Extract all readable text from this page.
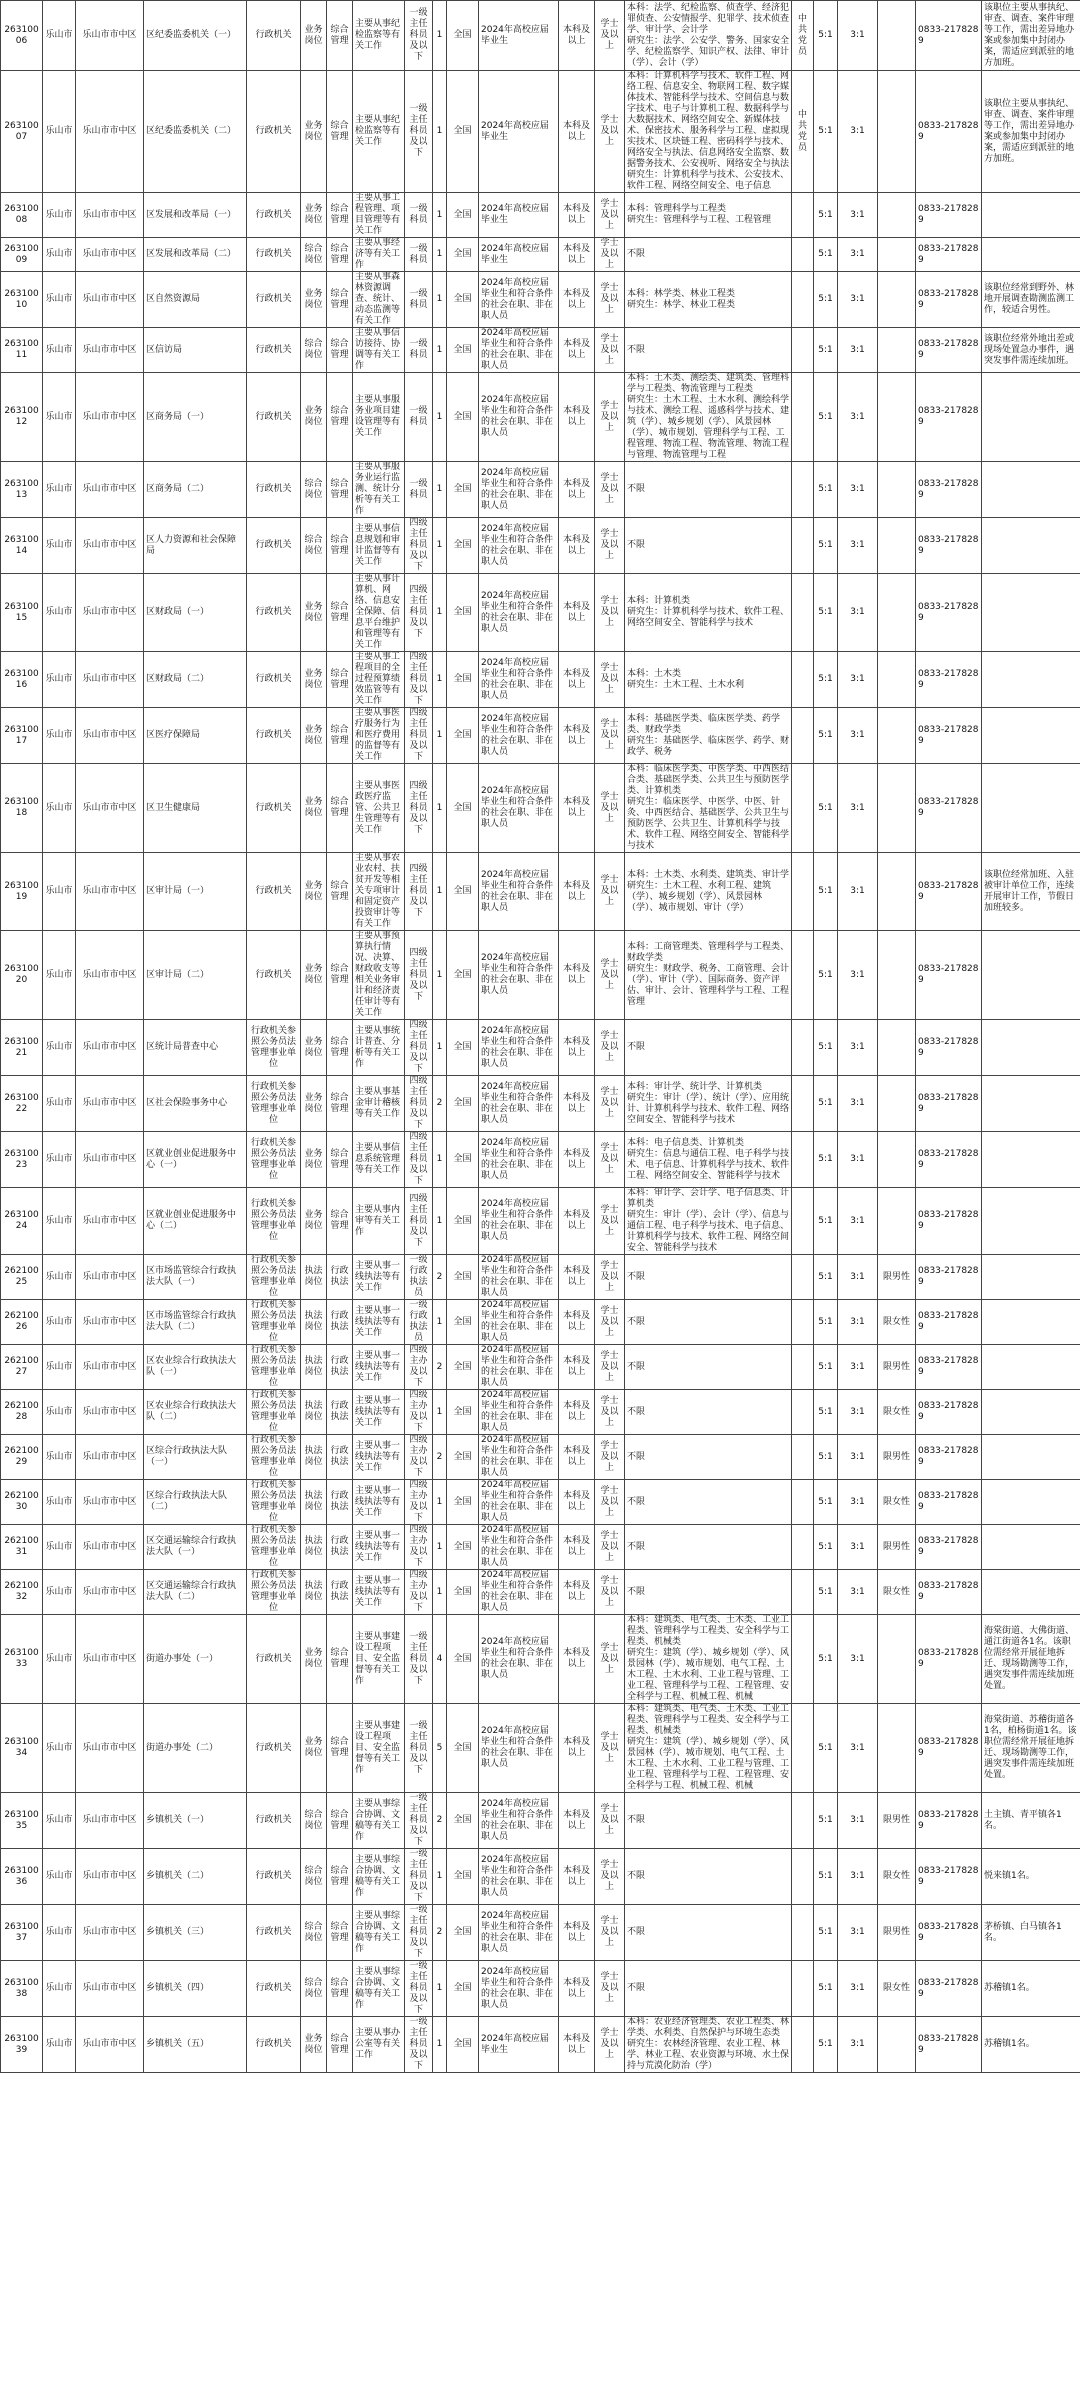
26310006	乐山市	乐山市市中区	区纪委监委机关（一）	行政机关	业务岗位	综合管理	主要从事纪检监察等有关工作	一级主任科员及以下	1	全国	2024年高校应届毕业生	本科及以上	学士及以上	本科：法学、纪检监察、侦查学、经济犯罪侦查、公安情报学、犯罪学、技术侦查学、审计学、会计学
研究生：法学、公安学、警务、国家安全学、纪检监察学、知识产权、法律、审计（学）、会计（学）	中共党员	5:1	3:1		0833-2178289	该职位主要从事执纪、审查、调查、案件审理等工作，需出差异地办案或参加集中封闭办案，需适应到派驻的地方加班。
26310007	乐山市	乐山市市中区	区纪委监委机关（二）	行政机关	业务岗位	综合管理	主要从事纪检监察等有关工作	一级主任科员及以下	1	全国	2024年高校应届毕业生	本科及以上	学士及以上	本科：计算机科学与技术、软件工程、网络工程、信息安全、物联网工程、数字媒体技术、智能科学与技术、空间信息与数字技术、电子与计算机工程、数据科学与大数据技术、网络空间安全、新媒体技术、保密技术、服务科学与工程、虚拟现实技术、区块链工程、密码科学与技术、网络安全与执法、信息网络安全监察、数据警务技术、公安视听、网络安全与执法
研究生：计算机科学与技术、公安技术、软件工程、网络空间安全、电子信息	中共党员	5:1	3:1		0833-2178289	该职位主要从事执纪、审查、调查、案件审理等工作，需出差异地办案或参加集中封闭办案，需适应到派驻的地方加班。
26310008	乐山市	乐山市市中区	区发展和改革局（一）	行政机关	业务岗位	综合管理	主要从事工程管理、项目管理等有关工作	一级科员	1	全国	2024年高校应届毕业生	本科及以上	学士及以上	本科：管理科学与工程类
研究生：管理科学与工程、工程管理		5:1	3:1		0833-2178289	
26310009	乐山市	乐山市市中区	区发展和改革局（二）	行政机关	综合岗位	综合管理	主要从事经济等有关工作	一级科员	1	全国	2024年高校应届毕业生	本科及以上	学士及以上	不限		5:1	3:1		0833-2178289	
26310010	乐山市	乐山市市中区	区自然资源局	行政机关	业务岗位	综合管理	主要从事森林资源调查、统计、动态监测等有关工作	一级科员	1	全国	2024年高校应届毕业生和符合条件的社会在职、非在职人员	本科及以上	学士及以上	本科：林学类、林业工程类
研究生：林学、林业工程类		5:1	3:1		0833-2178289	该职位经常到野外、林地开展调查勘测监测工作，较适合男性。
26310011	乐山市	乐山市市中区	区信访局	行政机关	综合岗位	综合管理	主要从事信访接待、协调等有关工作	一级科员	1	全国	2024年高校应届毕业生和符合条件的社会在职、非在职人员	本科及以上	学士及以上	不限		5:1	3:1		0833-2178289	该职位经常外地出差或现场处置急办事件，遇突发事件需连续加班。
26310012	乐山市	乐山市市中区	区商务局（一）	行政机关	业务岗位	综合管理	主要从事服务业项目建设管理等有关工作	一级科员	1	全国	2024年高校应届毕业生和符合条件的社会在职、非在职人员	本科及以上	学士及以上	本科：土木类、测绘类、建筑类、管理科学与工程类、物流管理与工程类
研究生：土木工程、土木水利、测绘科学与技术、测绘工程、遥感科学与技术、建筑（学）、城乡规划（学）、风景园林（学）、城市规划、管理科学与工程、工程管理、物流工程、物流管理、物流工程与管理、物流管理与工程		5:1	3:1		0833-2178289	
26310013	乐山市	乐山市市中区	区商务局（二）	行政机关	综合岗位	综合管理	主要从事服务业运行监测、统计分析等有关工作	一级科员	1	全国	2024年高校应届毕业生和符合条件的社会在职、非在职人员	本科及以上	学士及以上	不限		5:1	3:1		0833-2178289	
26310014	乐山市	乐山市市中区	区人力资源和社会保障局	行政机关	综合岗位	综合管理	主要从事信息规划和审计监督等有关工作	四级主任科员及以下	1	全国	2024年高校应届毕业生和符合条件的社会在职、非在职人员	本科及以上	学士及以上	不限		5:1	3:1		0833-2178289	
26310015	乐山市	乐山市市中区	区财政局（一）	行政机关	业务岗位	综合管理	主要从事计算机、网络、信息安全保障、信息平台维护和管理等有关工作	四级主任科员及以下	1	全国	2024年高校应届毕业生和符合条件的社会在职、非在职人员	本科及以上	学士及以上	本科：计算机类
研究生：计算机科学与技术、软件工程、网络空间安全、智能科学与技术		5:1	3:1		0833-2178289	
26310016	乐山市	乐山市市中区	区财政局（二）	行政机关	业务岗位	综合管理	主要从事工程项目的全过程预算绩效监管等有关工作	四级主任科员及以下	1	全国	2024年高校应届毕业生和符合条件的社会在职、非在职人员	本科及以上	学士及以上	本科：土木类
研究生：土木工程、土木水利		5:1	3:1		0833-2178289	
26310017	乐山市	乐山市市中区	区医疗保障局	行政机关	业务岗位	综合管理	主要从事医疗服务行为和医疗费用的监督等有关工作	四级主任科员及以下	1	全国	2024年高校应届毕业生和符合条件的社会在职、非在职人员	本科及以上	学士及以上	本科：基础医学类、临床医学类、药学类、财政学类
研究生：基础医学、临床医学、药学、财政学、税务		5:1	3:1		0833-2178289	
26310018	乐山市	乐山市市中区	区卫生健康局	行政机关	业务岗位	综合管理	主要从事医政医疗监管、公共卫生管理等有关工作	四级主任科员及以下	1	全国	2024年高校应届毕业生和符合条件的社会在职、非在职人员	本科及以上	学士及以上	本科：临床医学类、中医学类、中西医结合类、基础医学类、公共卫生与预防医学类、计算机类
研究生：临床医学、中医学、中医、针灸、中西医结合、基础医学、公共卫生与预防医学、公共卫生、计算机科学与技术、软件工程、网络空间安全、智能科学与技术		5:1	3:1		0833-2178289	
26310019	乐山市	乐山市市中区	区审计局（一）	行政机关	业务岗位	综合管理	主要从事农业农村、扶贫开发等相关专项审计和固定资产投资审计等有关工作	四级主任科员及以下	1	全国	2024年高校应届毕业生和符合条件的社会在职、非在职人员	本科及以上	学士及以上	本科：土木类、水利类、建筑类、审计学
研究生：土木工程、水利工程、建筑（学）、城乡规划（学）、风景园林（学）、城市规划、审计（学）		5:1	3:1		0833-2178289	该职位经常加班、入驻被审计单位工作，连续开展审计工作，节假日加班较多。
26310020	乐山市	乐山市市中区	区审计局（二）	行政机关	业务岗位	综合管理	主要从事预算执行情况、决算、财政收支等相关业务审计和经济责任审计等有关工作	四级主任科员及以下	1	全国	2024年高校应届毕业生和符合条件的社会在职、非在职人员	本科及以上	学士及以上	本科：工商管理类、管理科学与工程类、财政学类
研究生：财政学、税务、工商管理、会计（学）、审计（学）、国际商务、资产评估、审计、会计、管理科学与工程、工程管理		5:1	3:1		0833-2178289	
26310021	乐山市	乐山市市中区	区统计局普查中心	行政机关参照公务员法管理事业单位	业务岗位	综合管理	主要从事统计普查、分析等有关工作	四级主任科员及以下	1	全国	2024年高校应届毕业生和符合条件的社会在职、非在职人员	本科及以上	学士及以上	不限		5:1	3:1		0833-2178289	
26310022	乐山市	乐山市市中区	区社会保险事务中心	行政机关参照公务员法管理事业单位	业务岗位	综合管理	主要从事基金审计稽核等有关工作	四级主任科员及以下	2	全国	2024年高校应届毕业生和符合条件的社会在职、非在职人员	本科及以上	学士及以上	本科：审计学、统计学、计算机类
研究生：审计（学）、统计（学）、应用统计、计算机科学与技术、软件工程、网络空间安全、智能科学与技术		5:1	3:1		0833-2178289	
26310023	乐山市	乐山市市中区	区就业创业促进服务中心（一）	行政机关参照公务员法管理事业单位	业务岗位	综合管理	主要从事信息系统管理等有关工作	四级主任科员及以下	1	全国	2024年高校应届毕业生和符合条件的社会在职、非在职人员	本科及以上	学士及以上	本科：电子信息类、计算机类
研究生：信息与通信工程、电子科学与技术、电子信息、计算机科学与技术、软件工程、网络空间安全、智能科学与技术		5:1	3:1		0833-2178289	
26310024	乐山市	乐山市市中区	区就业创业促进服务中心（二）	行政机关参照公务员法管理事业单位	业务岗位	综合管理	主要从事内审等有关工作	四级主任科员及以下	1	全国	2024年高校应届毕业生和符合条件的社会在职、非在职人员	本科及以上	学士及以上	本科：审计学、会计学、电子信息类、计算机类
研究生：审计（学）、会计（学）、信息与通信工程、电子科学与技术、电子信息、计算机科学与技术、软件工程、网络空间安全、智能科学与技术		5:1	3:1		0833-2178289	
26210025	乐山市	乐山市市中区	区市场监管综合行政执法大队（一）	行政机关参照公务员法管理事业单位	执法岗位	行政执法	主要从事一线执法等有关工作	一级行政执法员	2	全国	2024年高校应届毕业生和符合条件的社会在职、非在职人员	本科及以上	学士及以上	不限		5:1	3:1	限男性	0833-2178289	
26210026	乐山市	乐山市市中区	区市场监管综合行政执法大队（二）	行政机关参照公务员法管理事业单位	执法岗位	行政执法	主要从事一线执法等有关工作	一级行政执法员	1	全国	2024年高校应届毕业生和符合条件的社会在职、非在职人员	本科及以上	学士及以上	不限		5:1	3:1	限女性	0833-2178289	
26210027	乐山市	乐山市市中区	区农业综合行政执法大队（一）	行政机关参照公务员法管理事业单位	执法岗位	行政执法	主要从事一线执法等有关工作	四级主办及以下	2	全国	2024年高校应届毕业生和符合条件的社会在职、非在职人员	本科及以上	学士及以上	不限		5:1	3:1	限男性	0833-2178289	
26210028	乐山市	乐山市市中区	区农业综合行政执法大队（二）	行政机关参照公务员法管理事业单位	执法岗位	行政执法	主要从事一线执法等有关工作	四级主办及以下	1	全国	2024年高校应届毕业生和符合条件的社会在职、非在职人员	本科及以上	学士及以上	不限		5:1	3:1	限女性	0833-2178289	
26210029	乐山市	乐山市市中区	区综合行政执法大队（一）	行政机关参照公务员法管理事业单位	执法岗位	行政执法	主要从事一线执法等有关工作	四级主办及以下	2	全国	2024年高校应届毕业生和符合条件的社会在职、非在职人员	本科及以上	学士及以上	不限		5:1	3:1	限男性	0833-2178289	
26210030	乐山市	乐山市市中区	区综合行政执法大队（二）	行政机关参照公务员法管理事业单位	执法岗位	行政执法	主要从事一线执法等有关工作	四级主办及以下	1	全国	2024年高校应届毕业生和符合条件的社会在职、非在职人员	本科及以上	学士及以上	不限		5:1	3:1	限女性	0833-2178289	
26210031	乐山市	乐山市市中区	区交通运输综合行政执法大队（一）	行政机关参照公务员法管理事业单位	执法岗位	行政执法	主要从事一线执法等有关工作	四级主办及以下	1	全国	2024年高校应届毕业生和符合条件的社会在职、非在职人员	本科及以上	学士及以上	不限		5:1	3:1	限男性	0833-2178289	
26210032	乐山市	乐山市市中区	区交通运输综合行政执法大队（二）	行政机关参照公务员法管理事业单位	执法岗位	行政执法	主要从事一线执法等有关工作	四级主办及以下	1	全国	2024年高校应届毕业生和符合条件的社会在职、非在职人员	本科及以上	学士及以上	不限		5:1	3:1	限女性	0833-2178289	
26310033	乐山市	乐山市市中区	街道办事处（一）	行政机关	业务岗位	综合管理	主要从事建设工程项目、安全监督等有关工作	一级主任科员及以下	4	全国	2024年高校应届毕业生和符合条件的社会在职、非在职人员	本科及以上	学士及以上	本科：建筑类、电气类、土木类、工业工程类、管理科学与工程类、安全科学与工程类、机械类
研究生：建筑（学）、城乡规划（学）、风景园林（学）、城市规划、电气工程、土木工程、土木水利、工业工程与管理、工业工程、管理科学与工程、工程管理、安全科学与工程、机械工程、机械		5:1	3:1		0833-2178289	海棠街道、大佛街道、通江街道各1名。该职位需经常开展征地拆迁、现场勘测等工作，遇突发事件需连续加班处置。
26310034	乐山市	乐山市市中区	街道办事处（二）	行政机关	业务岗位	综合管理	主要从事建设工程项目、安全监督等有关工作	一级主任科员及以下	5	全国	2024年高校应届毕业生和符合条件的社会在职、非在职人员	本科及以上	学士及以上	本科：建筑类、电气类、土木类、工业工程类、管理科学与工程类、安全科学与工程类、机械类
研究生：建筑（学）、城乡规划（学）、风景园林（学）、城市规划、电气工程、土木工程、土木水利、工业工程与管理、工业工程、管理科学与工程、工程管理、安全科学与工程、机械工程、机械		5:1	3:1		0833-2178289	海棠街道、苏稽街道各1名，柏杨街道1名。该职位需经常开展征地拆迁、现场勘测等工作，遇突发事件需连续加班处置。
26310035	乐山市	乐山市市中区	乡镇机关（一）	行政机关	综合岗位	综合管理	主要从事综合协调、文稿等有关工作	一级主任科员及以下	2	全国	2024年高校应届毕业生和符合条件的社会在职、非在职人员	本科及以上	学士及以上	不限		5:1	3:1	限男性	0833-2178289	土主镇、青平镇各1名。
26310036	乐山市	乐山市市中区	乡镇机关（二）	行政机关	综合岗位	综合管理	主要从事综合协调、文稿等有关工作	一级主任科员及以下	1	全国	2024年高校应届毕业生和符合条件的社会在职、非在职人员	本科及以上	学士及以上	不限		5:1	3:1	限女性	0833-2178289	悦来镇1名。
26310037	乐山市	乐山市市中区	乡镇机关（三）	行政机关	综合岗位	综合管理	主要从事综合协调、文稿等有关工作	一级主任科员及以下	2	全国	2024年高校应届毕业生和符合条件的社会在职、非在职人员	本科及以上	学士及以上	不限		5:1	3:1	限男性	0833-2178289	茅桥镇、白马镇各1名。
26310038	乐山市	乐山市市中区	乡镇机关（四）	行政机关	综合岗位	综合管理	主要从事综合协调、文稿等有关工作	一级主任科员及以下	1	全国	2024年高校应届毕业生和符合条件的社会在职、非在职人员	本科及以上	学士及以上	不限		5:1	3:1	限女性	0833-2178289	苏稽镇1名。
26310039	乐山市	乐山市市中区	乡镇机关（五）	行政机关	业务岗位	综合管理	主要从事办公室等有关工作	一级主任科员及以下	1	全国	2024年高校应届毕业生	本科及以上	学士及以上	本科：农业经济管理类、农业工程类、林学类、水利类、自然保护与环境生态类
研究生：农林经济管理、农业工程、林学、林业工程、农业资源与环境、水土保持与荒漠化防治（学）		5:1	3:1		0833-2178289	苏稽镇1名。
